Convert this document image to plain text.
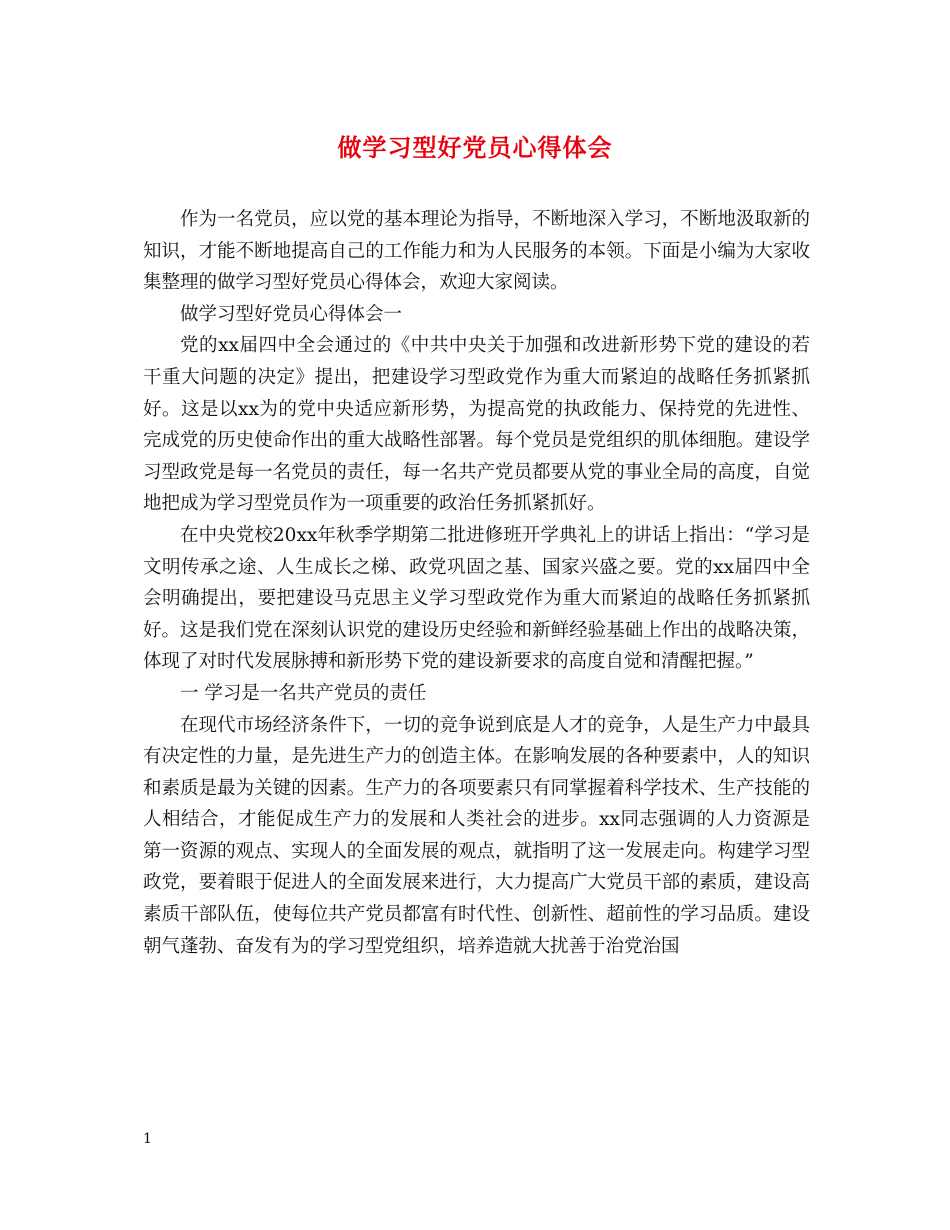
做学习型好党员心得体会

作为一名党员，应以党的基本理论为指导，不断地深入学习，不断地汲取新的知识，才能不断地提高自己的工作能力和为人民服务的本领。下面是小编为大家收集整理的做学习型好党员心得体会，欢迎大家阅读。

做学习型好党员心得体会一

党的xx届四中全会通过的《中共中央关于加强和改进新形势下党的建设的若干重大问题的决定》提出，把建设学习型政党作为重大而紧迫的战略任务抓紧抓好。这是以xx为的党中央适应新形势，为提高党的执政能力、保持党的先进性、完成党的历史使命作出的重大战略性部署。每个党员是党组织的肌体细胞。建设学习型政党是每一名党员的责任，每一名共产党员都要从党的事业全局的高度，自觉地把成为学习型党员作为一项重要的政治任务抓紧抓好。

在中央党校20xx年秋季学期第二批进修班开学典礼上的讲话上指出：“学习是文明传承之途、人生成长之梯、政党巩固之基、国家兴盛之要。党的xx届四中全会明确提出，要把建设马克思主义学习型政党作为重大而紧迫的战略任务抓紧抓好。这是我们党在深刻认识党的建设历史经验和新鲜经验基础上作出的战略决策，体现了对时代发展脉搏和新形势下党的建设新要求的高度自觉和清醒把握。”

一 学习是一名共产党员的责任

在现代市场经济条件下，一切的竞争说到底是人才的竞争，人是生产力中最具有决定性的力量，是先进生产力的创造主体。在影响发展的各种要素中，人的知识和素质是最为关键的因素。生产力的各项要素只有同掌握着科学技术、生产技能的人相结合，才能促成生产力的发展和人类社会的进步。xx同志强调的人力资源是第一资源的观点、实现人的全面发展的观点，就指明了这一发展走向。构建学习型政党，要着眼于促进人的全面发展来进行，大力提高广大党员干部的素质，建设高素质干部队伍，使每位共产党员都富有时代性、创新性、超前性的学习品质。建设朝气蓬勃、奋发有为的学习型党组织，培养造就大扰善于治党治国

1
